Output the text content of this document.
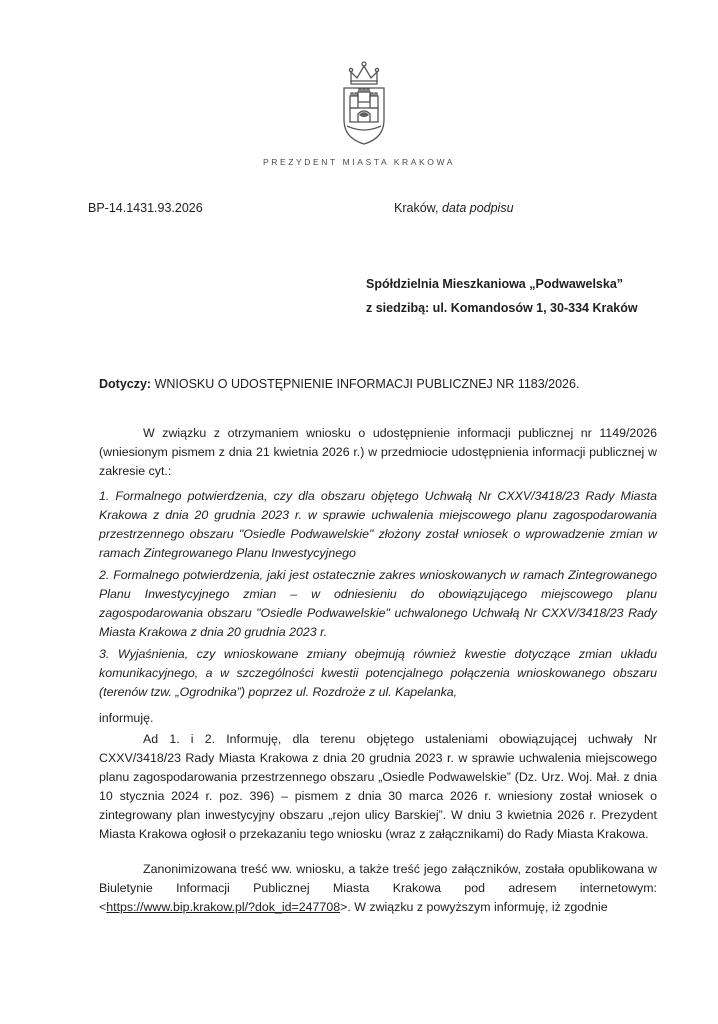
PREZYDENT MIASTA KRAKOWA
BP-14.1431.93.2026	Kraków, data podpisu
Spółdzielnia Mieszkaniowa „Podwawelska”
z siedzibą: ul. Komandosów 1, 30-334 Kraków
Dotyczy: WNIOSKU O UDOSTĘPNIENIE INFORMACJI PUBLICZNEJ NR 1183/2026.
W związku z otrzymaniem wniosku o udostępnienie informacji publicznej nr 1149/2026 (wniesionym pismem z dnia 21 kwietnia 2026 r.) w przedmiocie udostępnienia informacji publicznej w zakresie cyt.:
1. Formalnego potwierdzenia, czy dla obszaru objętego Uchwałą Nr CXXV/3418/23 Rady Miasta Krakowa z dnia 20 grudnia 2023 r. w sprawie uchwalenia miejscowego planu zagospodarowania przestrzennego obszaru "Osiedle Podwawelskie" złożony został wniosek o wprowadzenie zmian w ramach Zintegrowanego Planu Inwestycyjnego
2. Formalnego potwierdzenia, jaki jest ostatecznie zakres wnioskowanych w ramach Zintegrowanego Planu Inwestycyjnego zmian – w odniesieniu do obowiązującego miejscowego planu zagospodarowania obszaru "Osiedle Podwawelskie" uchwalonego Uchwałą Nr CXXV/3418/23 Rady Miasta Krakowa z dnia 20 grudnia 2023 r.
3. Wyjaśnienia, czy wnioskowane zmiany obejmują również kwestie dotyczące zmian układu komunikacyjnego, a w szczególności kwestii potencjalnego połączenia wnioskowanego obszaru (terenów tzw. „Ogrodnika”) poprzez ul. Rozdroże z ul. Kapelanka,
informuję.
Ad 1. i 2. Informuję, dla terenu objętego ustaleniami obowiązującej uchwały Nr CXXV/3418/23 Rady Miasta Krakowa z dnia 20 grudnia 2023 r. w sprawie uchwalenia miejscowego planu zagospodarowania przestrzennego obszaru „Osiedle Podwawelskie” (Dz. Urz. Woj. Mał. z dnia 10 stycznia 2024 r. poz. 396) – pismem z dnia 30 marca 2026 r. wniesiony został wniosek o zintegrowany plan inwestycyjny obszaru „rejon ulicy Barskiej”. W dniu 3 kwietnia 2026 r. Prezydent Miasta Krakowa ogłosił o przekazaniu tego wniosku (wraz z załącznikami) do Rady Miasta Krakowa.
Zanonimizowana treść ww. wniosku, a także treść jego załączników, została opublikowana w Biuletynie Informacji Publicznej Miasta Krakowa pod adresem internetowym: <https://www.bip.krakow.pl/?dok_id=247708>. W związku z powyższym informuję, iż zgodnie
